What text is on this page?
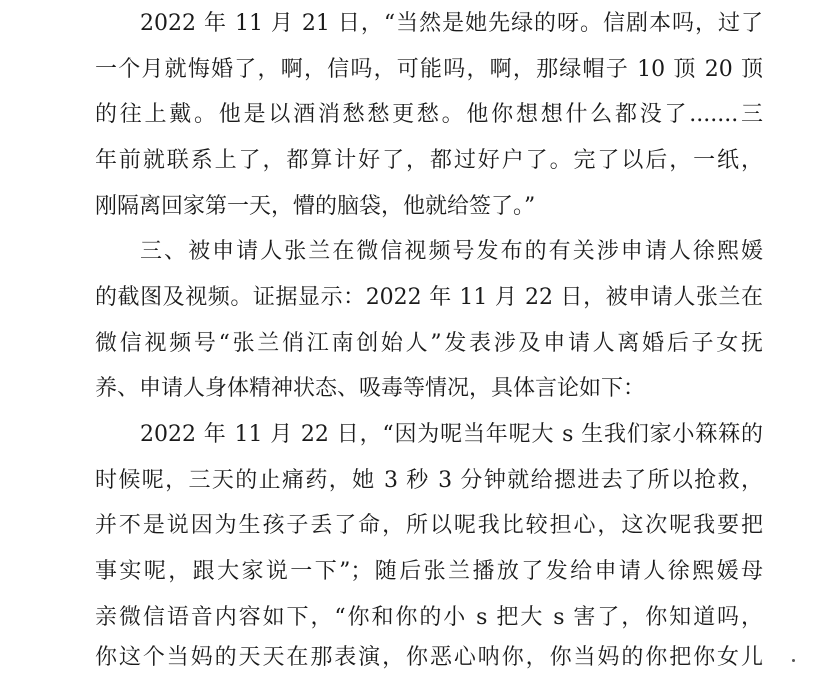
2022 年 11 月 21 日，“当然是她先绿的呀。信剧本吗，过了
一个月就悔婚了，啊，信吗，可能吗，啊，那绿帽子 10 顶 20 顶
的往上戴。他是以酒消愁愁更愁。他你想想什么都没了.......三
年前就联系上了，都算计好了，都过好户了。完了以后，一纸，
刚隔离回家第一天，懵的脑袋，他就给签了。”
三、被申请人张兰在微信视频号发布的有关涉申请人徐熙媛
的截图及视频。证据显示：2022 年 11 月 22 日，被申请人张兰在
微信视频号“张兰俏江南创始人”发表涉及申请人离婚后子女抚
养、申请人身体精神状态、吸毒等情况，具体言论如下：
2022 年 11 月 22 日，“因为呢当年呢大 s 生我们家小箖箖的
时候呢，三天的止痛药，她 3 秒 3 分钟就给摁进去了所以抢救，
并不是说因为生孩子丢了命，所以呢我比较担心，这次呢我要把
事实呢，跟大家说一下”；随后张兰播放了发给申请人徐熙媛母
亲微信语音内容如下，“你和你的小 s 把大 s 害了，你知道吗，
你这个当妈的天天在那表演，你恶心呐你，你当妈的你把你女儿
